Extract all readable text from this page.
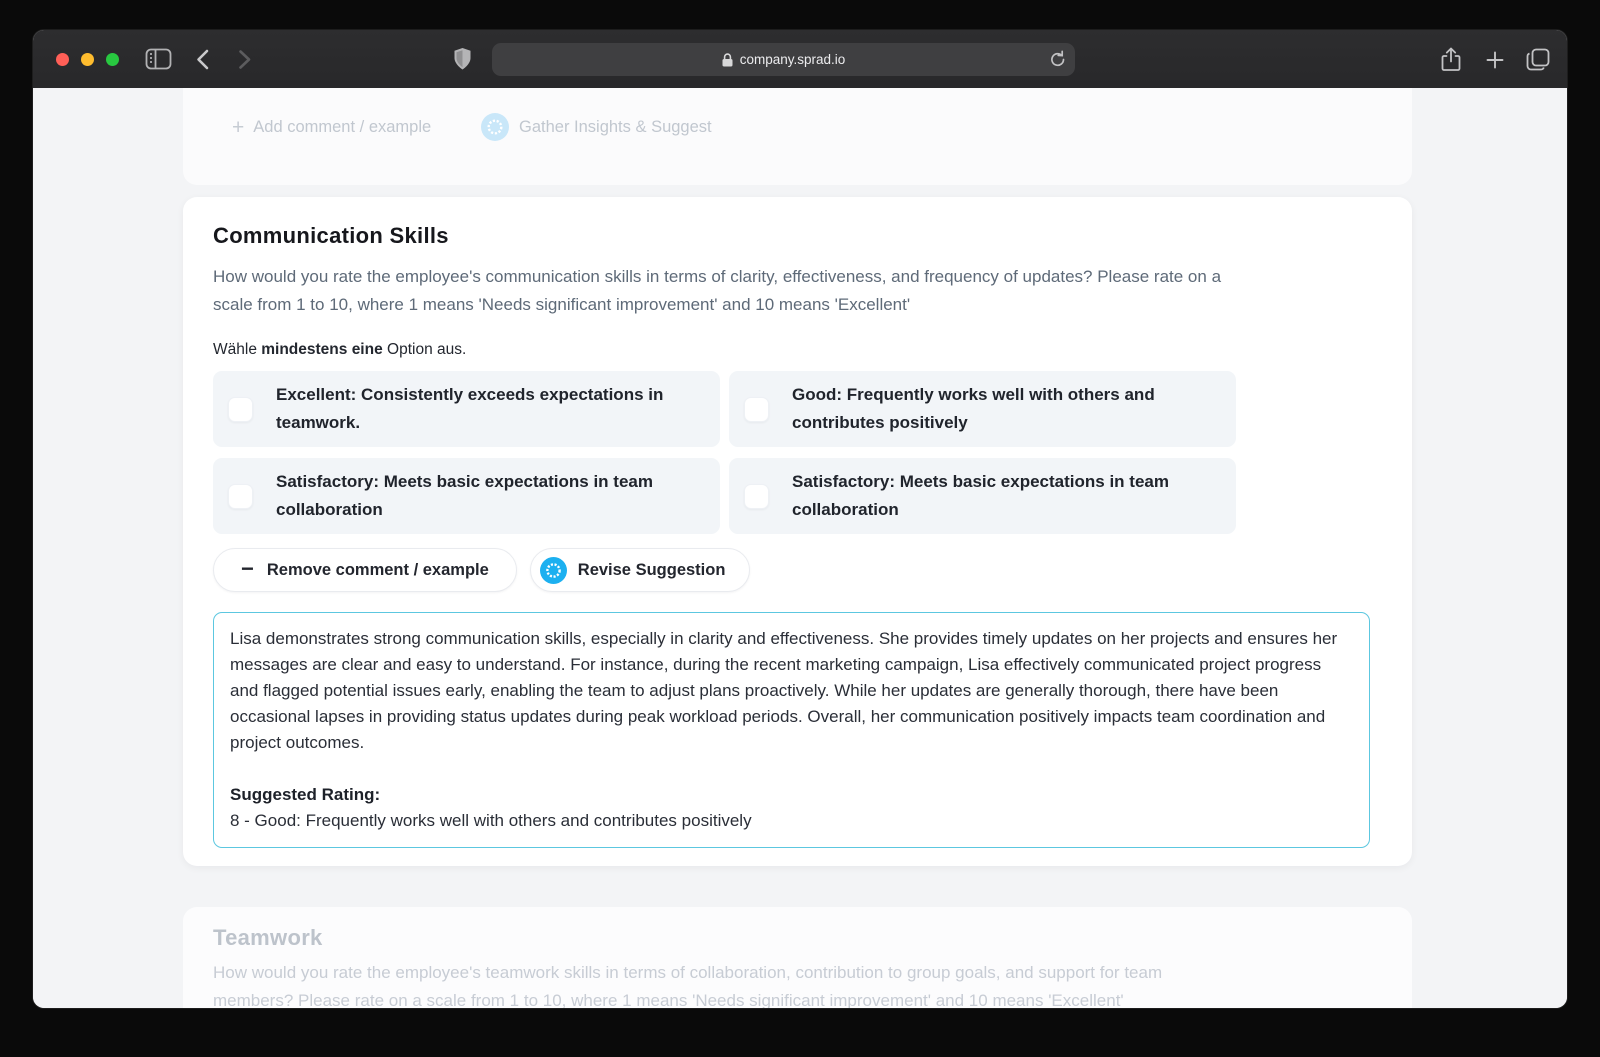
company.sprad.io
+ Add comment / example	Gather Insights & Suggest
Communication Skills
How would you rate the employee's communication skills in terms of clarity, effectiveness, and frequency of updates? Please rate on a scale from 1 to 10, where 1 means 'Needs significant improvement' and 10 means 'Excellent'
Wähle mindestens eine Option aus.
Excellent: Consistently exceeds expectations in teamwork.
Good: Frequently works well with others and contributes positively
Satisfactory: Meets basic expectations in team collaboration
Satisfactory: Meets basic expectations in team collaboration
− Remove comment / example	Revise Suggestion
Lisa demonstrates strong communication skills, especially in clarity and effectiveness. She provides timely updates on her projects and ensures her messages are clear and easy to understand. For instance, during the recent marketing campaign, Lisa effectively communicated project progress and flagged potential issues early, enabling the team to adjust plans proactively. While her updates are generally thorough, there have been occasional lapses in providing status updates during peak workload periods. Overall, her communication positively impacts team coordination and project outcomes.
Suggested Rating:
8 - Good: Frequently works well with others and contributes positively
Teamwork
How would you rate the employee's teamwork skills in terms of collaboration, contribution to group goals, and support for team members? Please rate on a scale from 1 to 10, where 1 means 'Needs significant improvement' and 10 means 'Excellent'
